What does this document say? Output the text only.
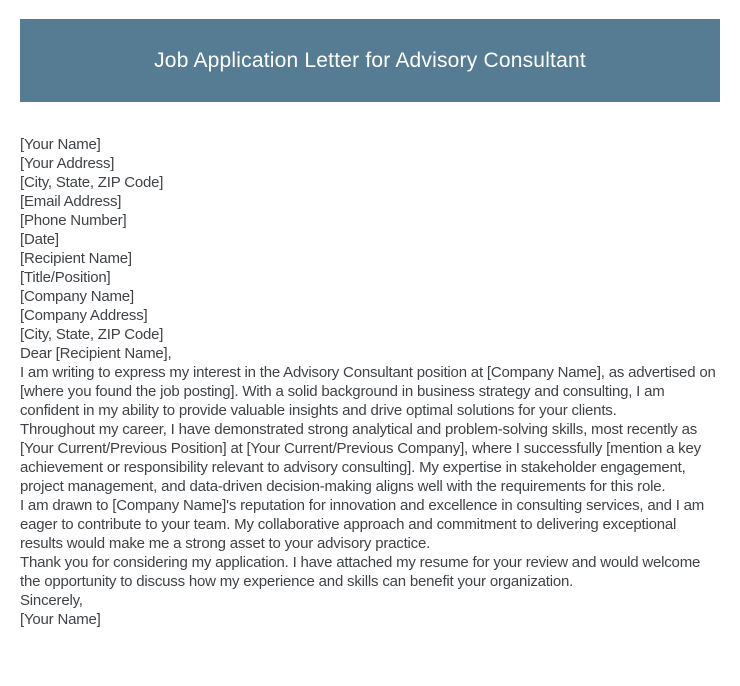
Job Application Letter for Advisory Consultant
[Your Name]
[Your Address]
[City, State, ZIP Code]
[Email Address]
[Phone Number]
[Date]
[Recipient Name]
[Title/Position]
[Company Name]
[Company Address]
[City, State, ZIP Code]
Dear [Recipient Name],

I am writing to express my interest in the Advisory Consultant position at [Company Name], as advertised on [where you found the job posting]. With a solid background in business strategy and consulting, I am confident in my ability to provide valuable insights and drive optimal solutions for your clients.

Throughout my career, I have demonstrated strong analytical and problem-solving skills, most recently as [Your Current/Previous Position] at [Your Current/Previous Company], where I successfully [mention a key achievement or responsibility relevant to advisory consulting]. My expertise in stakeholder engagement, project management, and data-driven decision-making aligns well with the requirements for this role.

I am drawn to [Company Name]'s reputation for innovation and excellence in consulting services, and I am eager to contribute to your team. My collaborative approach and commitment to delivering exceptional results would make me a strong asset to your advisory practice.

Thank you for considering my application. I have attached my resume for your review and would welcome the opportunity to discuss how my experience and skills can benefit your organization.

Sincerely,
[Your Name]
